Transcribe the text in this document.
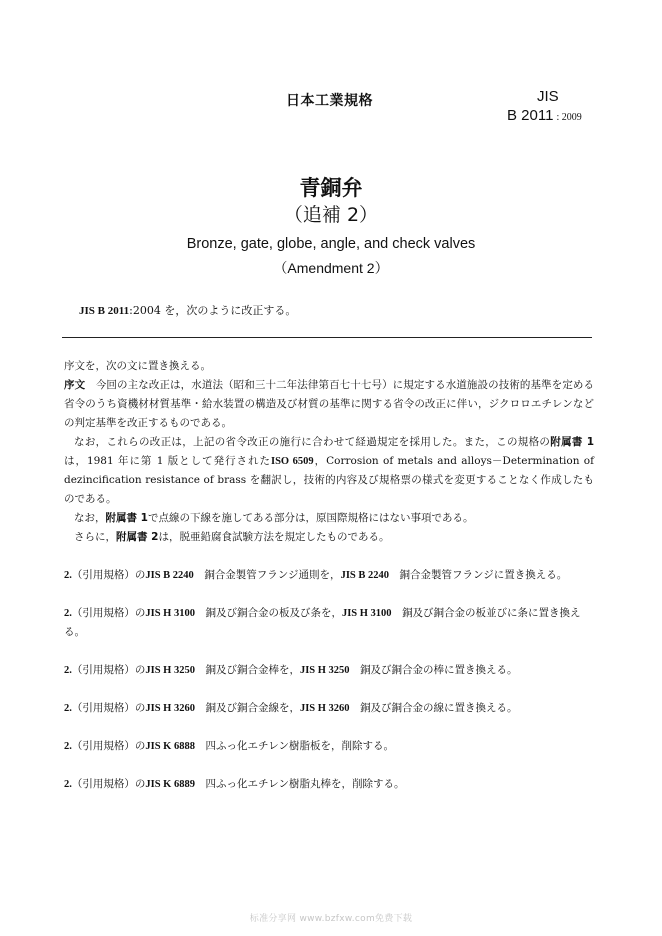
日本工業規格	JIS
B 2011 : 2009
青銅弁
（追補 2）
Bronze, gate, globe, angle, and check valves
（Amendment 2）
JIS B 2011:2004 を，次のように改正する。

序文を，次の文に置き換える。

序文　 今回の主な改正は，水道法（昭和三十二年法律第百七十七号）に規定する水道施設の技術的基準を定める省令のうち資機材材質基準・給水装置の構造及び材質の基準に関する省令の改正に伴い，ジクロロエチレンなどの判定基準を改正するものである。

なお，これらの改正は，上記の省令改正の施行に合わせて経過規定を採用した。また，この規格の附属書 1は，1981 年に第 1 版として発行されたISO 6509，Corrosion of metals and alloys－Determination of dezincification resistance of brass を翻訳し，技術的内容及び規格票の様式を変更することなく作成したものである。

なお，附属書 1で点線の下線を施してある部分は，原国際規格にはない事項である。

さらに，附属書 2は，脱亜鉛腐食試験方法を規定したものである。

2.（引用規格）のJIS B 2240　 銅合金製管フランジ通則を，JIS B 2240　 銅合金製管フランジに置き換える。
2.（引用規格）のJIS H 3100　 銅及び銅合金の板及び条を，JIS H 3100　 銅及び銅合金の板並びに条に置き換える。
2.（引用規格）のJIS H 3250　 銅及び銅合金棒を，JIS H 3250　 銅及び銅合金の棒に置き換える。
2.（引用規格）のJIS H 3260　 銅及び銅合金線を，JIS H 3260　 銅及び銅合金の線に置き換える。
2.（引用規格）のJIS K 6888　 四ふっ化エチレン樹脂板を，削除する。
2.（引用規格）のJIS K 6889　 四ふっ化エチレン樹脂丸棒を，削除する。
标准分享网 www.bzfxw.com免费下载
